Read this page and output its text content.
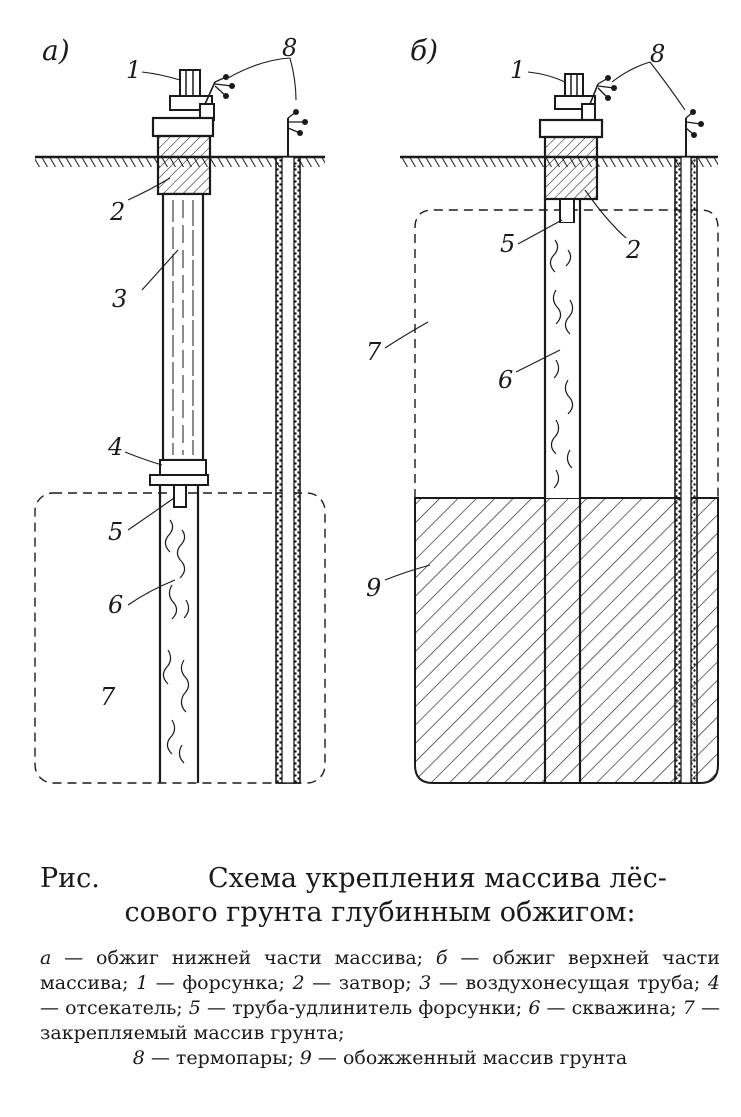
а)
1
8
2
3
4
5
6
7
б)
1
8
2
5
6
7
9
Рис.	Схема укрепления массива лёс-
сового грунта глубинным обжигом:
а — обжиг нижней части массива; б — обжиг верхней части массива; 1 — форсунка; 2 — затвор; 3 — воздухонесущая труба; 4 — отсекатель; 5 — труба-удлинитель форсунки; 6 — скважина; 7 — закрепляемый массив грунта;
8 — термопары; 9 — обожженный массив грунта
